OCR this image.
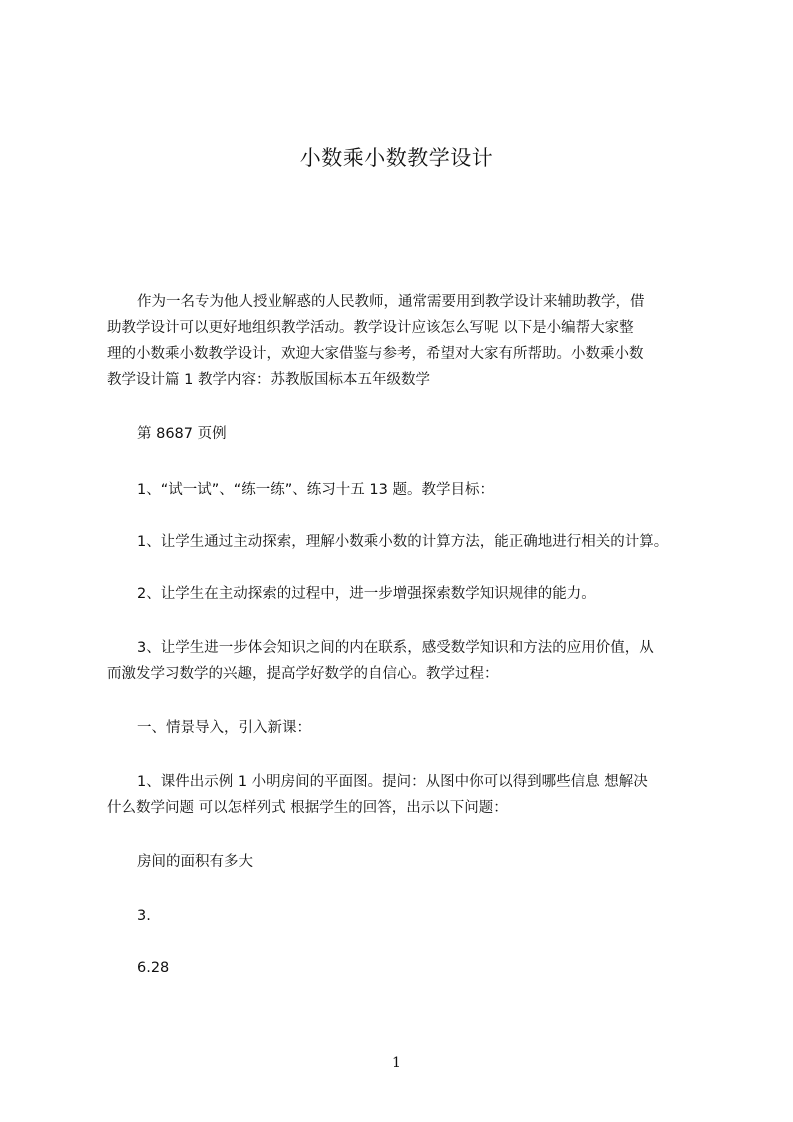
小数乘小数教学设计
作为一名专为他人授业解惑的人民教师，通常需要用到教学设计来辅助教学，借
助教学设计可以更好地组织教学活动。教学设计应该怎么写呢 以下是小编帮大家整
理的小数乘小数教学设计，欢迎大家借鉴与参考，希望对大家有所帮助。小数乘小数
教学设计篇 1 教学内容：苏教版国标本五年级数学
第 8687 页例
1、“试一试”、“练一练”、练习十五 13 题。教学目标：
1、让学生通过主动探索，理解小数乘小数的计算方法，能正确地进行相关的计算。
2、让学生在主动探索的过程中，进一步增强探索数学知识规律的能力。
3、让学生进一步体会知识之间的内在联系，感受数学知识和方法的应用价值，从
而激发学习数学的兴趣，提高学好数学的自信心。教学过程：
一、情景导入，引入新课：
1、课件出示例 1 小明房间的平面图。提问：从图中你可以得到哪些信息 想解决
什么数学问题 可以怎样列式 根据学生的回答，出示以下问题：
房间的面积有多大
3.
6.28
1
